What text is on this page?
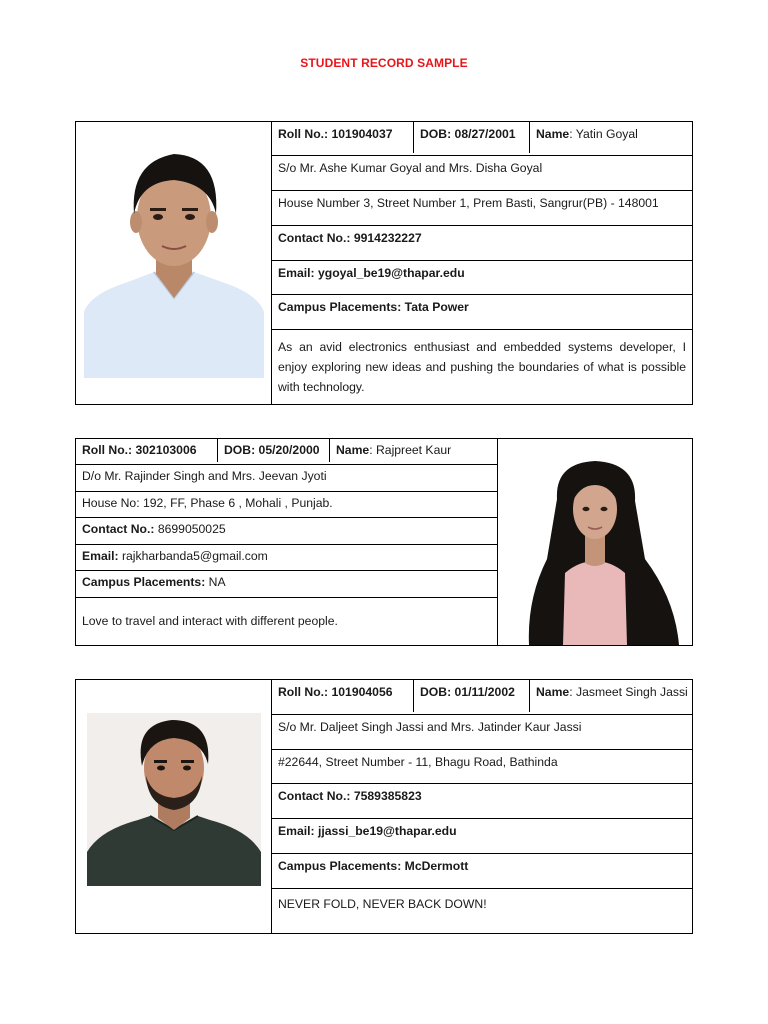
STUDENT RECORD SAMPLE
Roll No.: 101904037	DOB: 08/27/2001	Name: Yatin Goyal
S/o Mr. Ashe Kumar Goyal and Mrs. Disha Goyal
House Number 3, Street Number 1, Prem Basti, Sangrur(PB) - 148001
Contact No.: 9914232227
Email: ygoyal_be19@thapar.edu
Campus Placements: Tata Power
As an avid electronics enthusiast and embedded systems developer, I enjoy exploring new ideas and pushing the boundaries of what is possible with technology.
Roll No.: 302103006	DOB: 05/20/2000	Name: Rajpreet Kaur
D/o Mr. Rajinder Singh and Mrs. Jeevan Jyoti
House No: 192, FF, Phase 6 , Mohali , Punjab.
Contact No.: 8699050025
Email: rajkharbanda5@gmail.com
Campus Placements: NA
Love to travel and interact with different people.
Roll No.: 101904056	DOB: 01/11/2002	Name: Jasmeet Singh Jassi
S/o Mr. Daljeet Singh Jassi and Mrs. Jatinder Kaur Jassi
#22644, Street Number - 11, Bhagu Road, Bathinda
Contact No.: 7589385823
Email: jjassi_be19@thapar.edu
Campus Placements: McDermott
NEVER FOLD, NEVER BACK DOWN!
